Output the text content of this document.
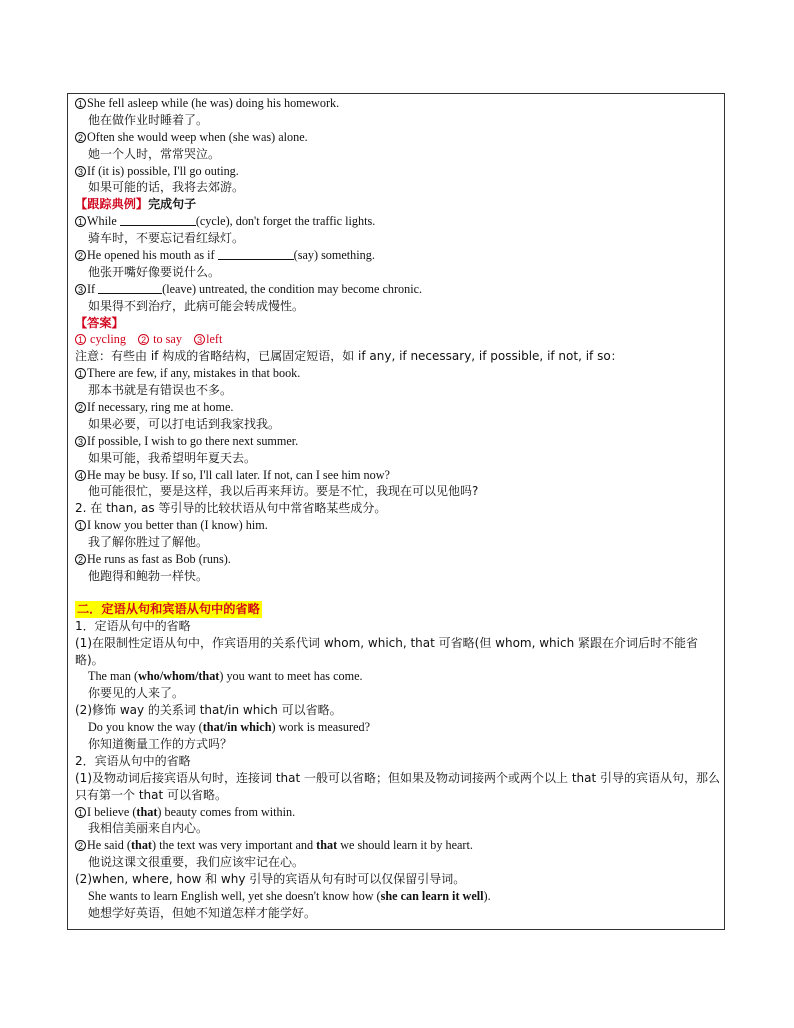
1 She fell asleep while (he was) doing his homework.
他在做作业时睡着了。
2 Often she would weep when (she was) alone.
她一个人时，常常哭泣。
3 If (it is) possible, I'll go outing.
如果可能的话，我将去郊游。
【跟踪典例】完成句子
1 While	(cycle), don't forget the traffic lights.
骑车时，不要忘记看红绿灯。
2 He opened his mouth as if	(say) something.
他张开嘴好像要说什么。
3 If	(leave) untreated, the condition may become chronic.
如果得不到治疗，此病可能会转成慢性。
【答案】
1 cycling 2 to say 3 left
注意：有些由 if 构成的省略结构，已属固定短语，如 if any, if necessary, if possible, if not, if so：
1 There are few, if any, mistakes in that book.
那本书就是有错误也不多。
2 If necessary, ring me at home.
如果必要，可以打电话到我家找我。
3 If possible, I wish to go there next summer.
如果可能，我希望明年夏天去。
4 He may be busy. If so, I'll call later. If not, can I see him now?
他可能很忙，要是这样，我以后再来拜访。要是不忙，我现在可以见他吗?
2. 在 than, as 等引导的比较状语从句中常省略某些成分。
1 I know you better than (I know) him.
我了解你胜过了解他。
2 He runs as fast as Bob (runs).
他跑得和鲍勃一样快。
二．定语从句和宾语从句中的省略
1．定语从句中的省略
(1)在限制性定语从句中，作宾语用的关系代词 whom, which, that 可省略(但 whom, which 紧跟在介词后时不能省略)。
The man (who/whom/that) you want to meet has come.
你要见的人来了。
(2)修饰 way 的关系词 that/in which 可以省略。
Do you know the way (that/in which) work is measured?
你知道衡量工作的方式吗？
2．宾语从句中的省略
(1)及物动词后接宾语从句时，连接词 that 一般可以省略；但如果及物动词接两个或两个以上 that 引导的宾语从句，那么只有第一个 that 可以省略。
1 I believe (that) beauty comes from within.
我相信美丽来自内心。
2 He said (that) the text was very important and that we should learn it by heart.
他说这课文很重要，我们应该牢记在心。
(2)when, where, how 和 why 引导的宾语从句有时可以仅保留引导词。
She wants to learn English well, yet she doesn't know how (she can learn it well).
她想学好英语，但她不知道怎样才能学好。
